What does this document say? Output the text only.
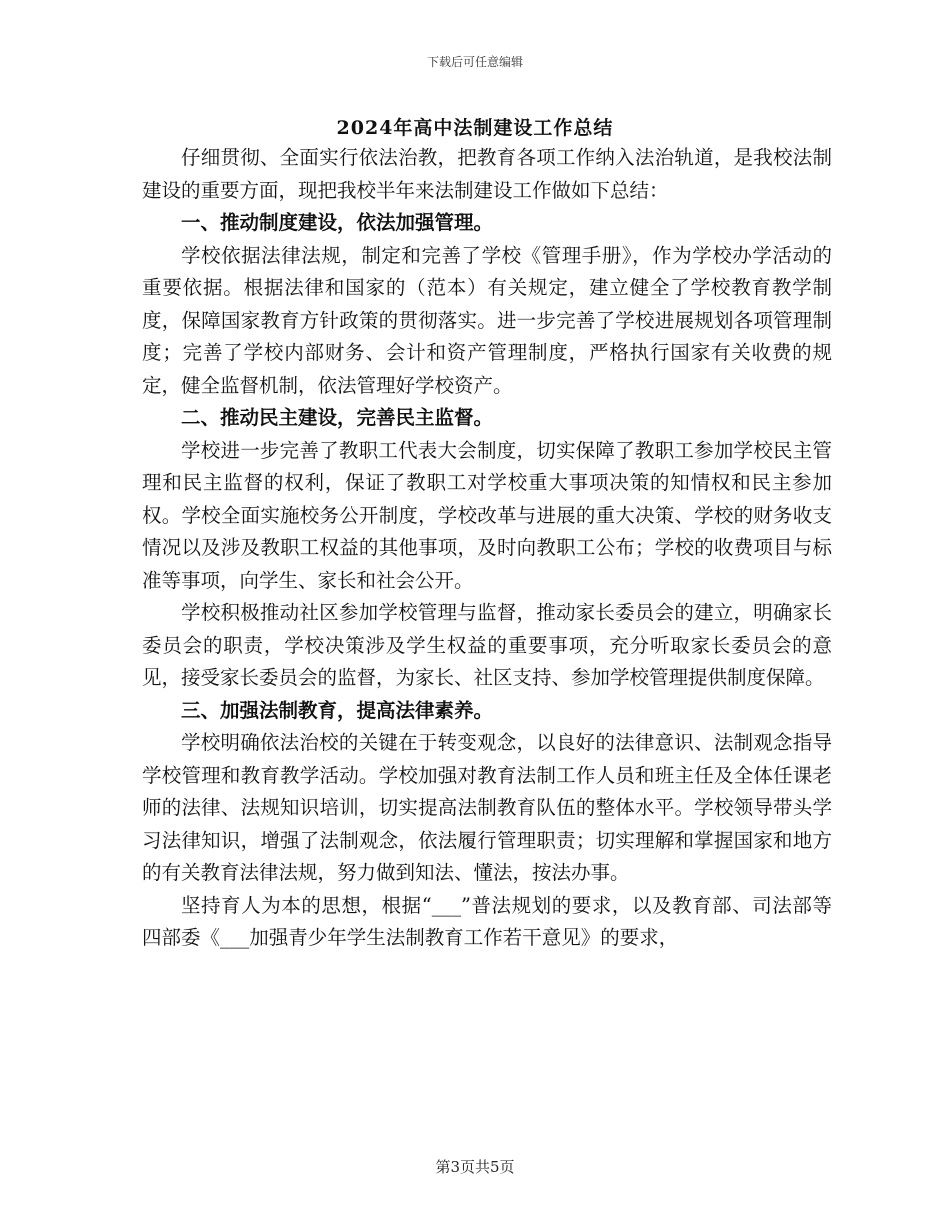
下载后可任意编辑
2024年高中法制建设工作总结

仔细贯彻、全面实行依法治教，把教育各项工作纳入法治轨道，是我校法制建设的重要方面，现把我校半年来法制建设工作做如下总结：

一、推动制度建设，依法加强管理。

学校依据法律法规，制定和完善了学校《管理手册》，作为学校办学活动的重要依据。根据法律和国家的（范本）有关规定，建立健全了学校教育教学制度，保障国家教育方针政策的贯彻落实。进一步完善了学校进展规划各项管理制度；完善了学校内部财务、会计和资产管理制度，严格执行国家有关收费的规定，健全监督机制，依法管理好学校资产。

二、推动民主建设，完善民主监督。

学校进一步完善了教职工代表大会制度，切实保障了教职工参加学校民主管理和民主监督的权利，保证了教职工对学校重大事项决策的知情权和民主参加权。学校全面实施校务公开制度，学校改革与进展的重大决策、学校的财务收支情况以及涉及教职工权益的其他事项，及时向教职工公布；学校的收费项目与标准等事项，向学生、家长和社会公开。

学校积极推动社区参加学校管理与监督，推动家长委员会的建立，明确家长委员会的职责，学校决策涉及学生权益的重要事项，充分听取家长委员会的意见，接受家长委员会的监督，为家长、社区支持、参加学校管理提供制度保障。

三、加强法制教育，提高法律素养。

学校明确依法治校的关键在于转变观念，以良好的法律意识、法制观念指导学校管理和教育教学活动。学校加强对教育法制工作人员和班主任及全体任课老师的法律、法规知识培训，切实提高法制教育队伍的整体水平。学校领导带头学习法律知识，增强了法制观念，依法履行管理职责；切实理解和掌握国家和地方的有关教育法律法规，努力做到知法、懂法，按法办事。

坚持育人为本的思想，根据“___”普法规划的要求，以及教育部、司法部等四部委《___加强青少年学生法制教育工作若干意见》的要求，

第3页共5页
